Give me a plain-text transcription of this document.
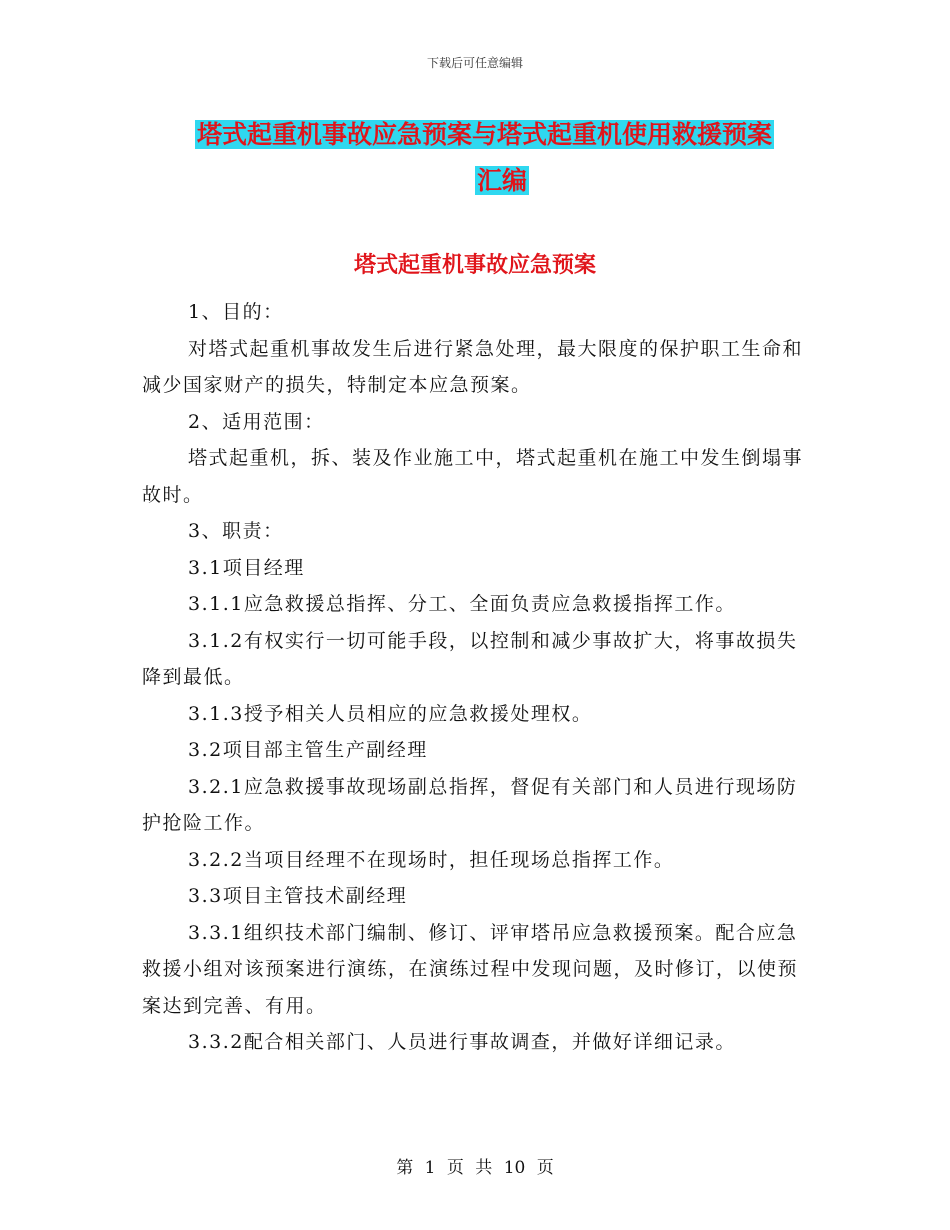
下载后可任意编辑
塔式起重机事故应急预案与塔式起重机使用救援预案
汇编
塔式起重机事故应急预案

1、目的：

对塔式起重机事故发生后进行紧急处理，最大限度的保护职工生命和减少国家财产的损失，特制定本应急预案。

2、适用范围：

塔式起重机，拆、装及作业施工中，塔式起重机在施工中发生倒塌事故时。

3、职责：

3.1项目经理

3.1.1应急救援总指挥、分工、全面负责应急救援指挥工作。

3.1.2有权实行一切可能手段，以控制和减少事故扩大，将事故损失降到最低。

3.1.3授予相关人员相应的应急救援处理权。

3.2项目部主管生产副经理

3.2.1应急救援事故现场副总指挥，督促有关部门和人员进行现场防护抢险工作。

3.2.2当项目经理不在现场时，担任现场总指挥工作。

3.3项目主管技术副经理

3.3.1组织技术部门编制、修订、评审塔吊应急救援预案。配合应急救援小组对该预案进行演练，在演练过程中发现问题，及时修订，以使预案达到完善、有用。

3.3.2配合相关部门、人员进行事故调查，并做好详细记录。

第 1 页 共 10 页
